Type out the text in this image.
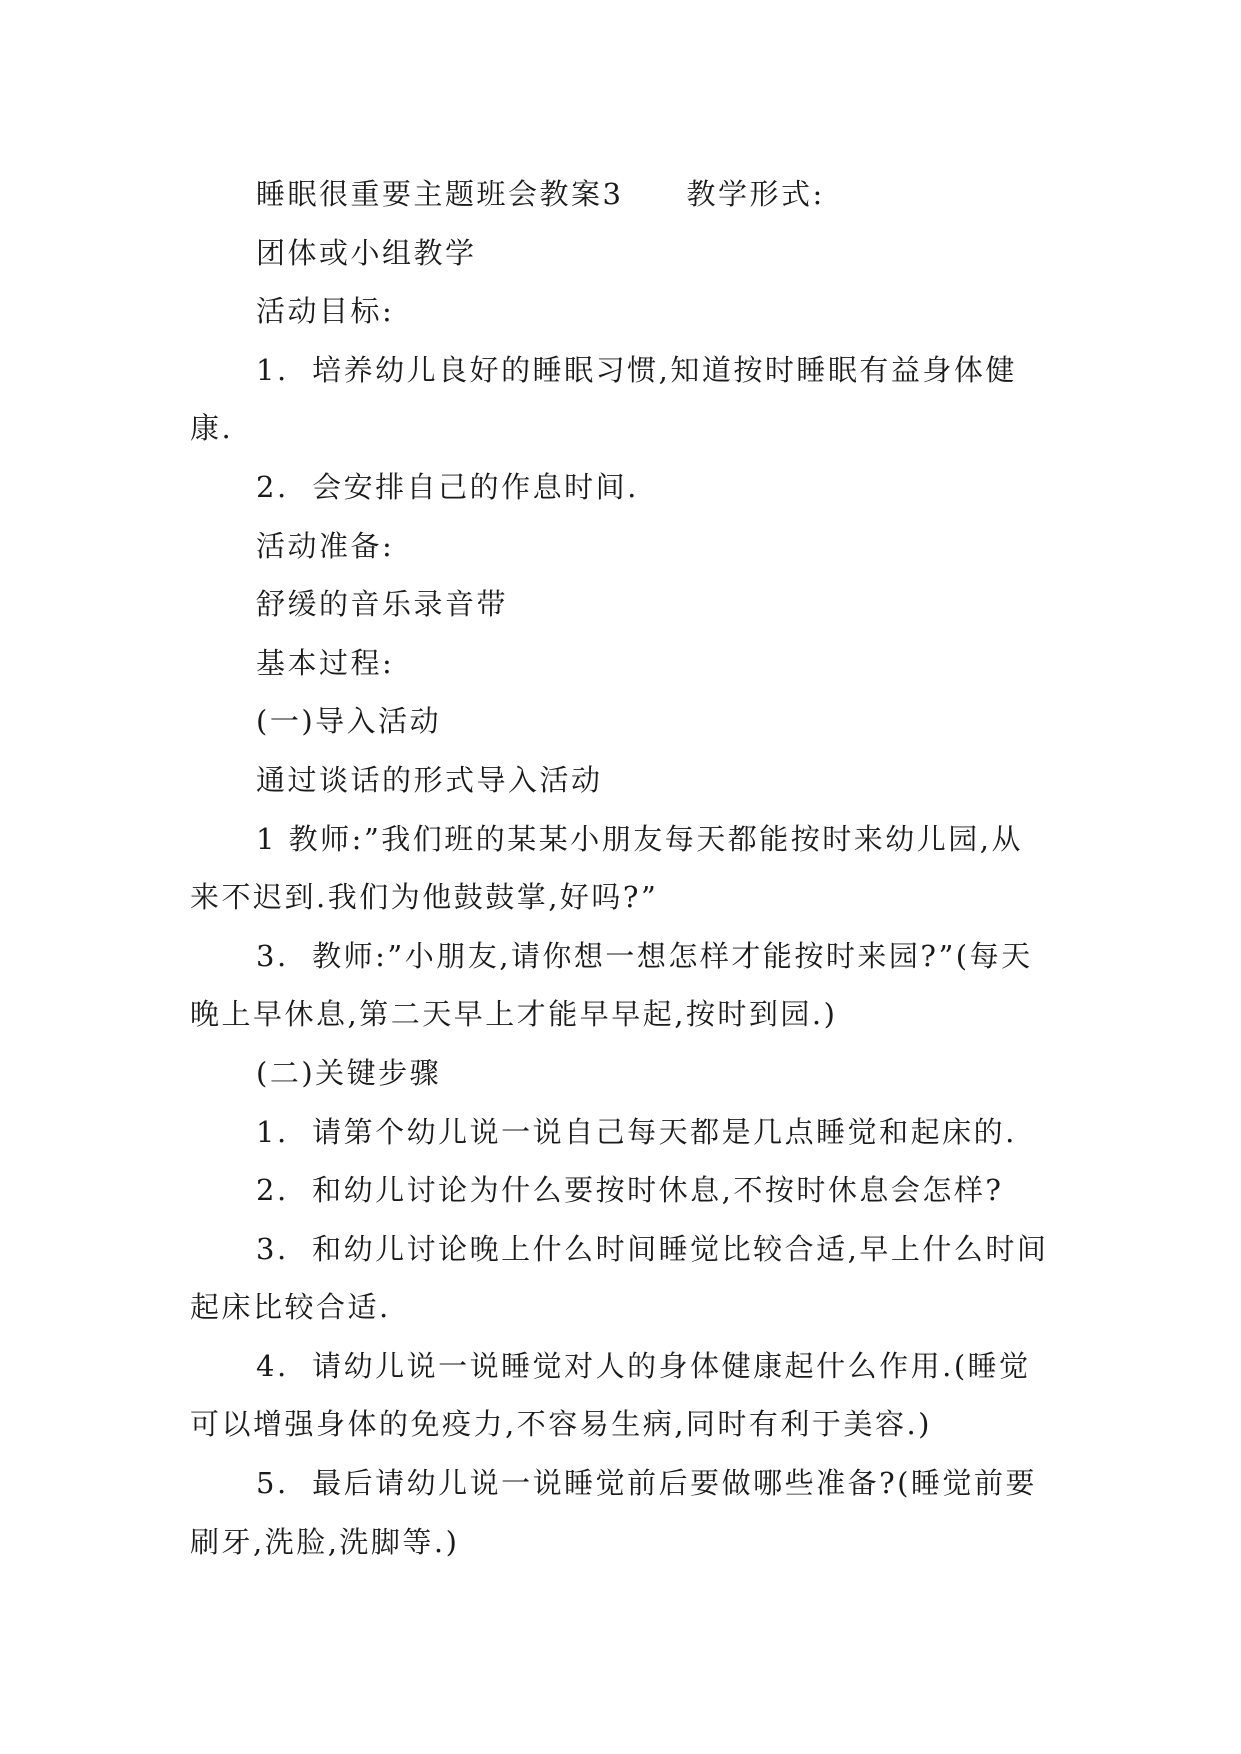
睡眠很重要主题班会教案3　　教学形式:

团体或小组教学

活动目标:

1.  培养幼儿良好的睡眠习惯,知道按时睡眠有益身体健康.

2.  会安排自己的作息时间.

活动准备:

舒缓的音乐录音带

基本过程:

(一)导入活动

通过谈话的形式导入活动

1 教师:”我们班的某某小朋友每天都能按时来幼儿园,从来不迟到.我们为他鼓鼓掌,好吗?”

3.  教师:”小朋友,请你想一想怎样才能按时来园?”(每天晚上早休息,第二天早上才能早早起,按时到园.)

(二)关键步骤

1.  请第个幼儿说一说自己每天都是几点睡觉和起床的.

2.  和幼儿讨论为什么要按时休息,不按时休息会怎样?

3.  和幼儿讨论晚上什么时间睡觉比较合适,早上什么时间起床比较合适.

4.  请幼儿说一说睡觉对人的身体健康起什么作用.(睡觉可以增强身体的免疫力,不容易生病,同时有利于美容.)

5.  最后请幼儿说一说睡觉前后要做哪些准备?(睡觉前要刷牙,洗脸,洗脚等.)
